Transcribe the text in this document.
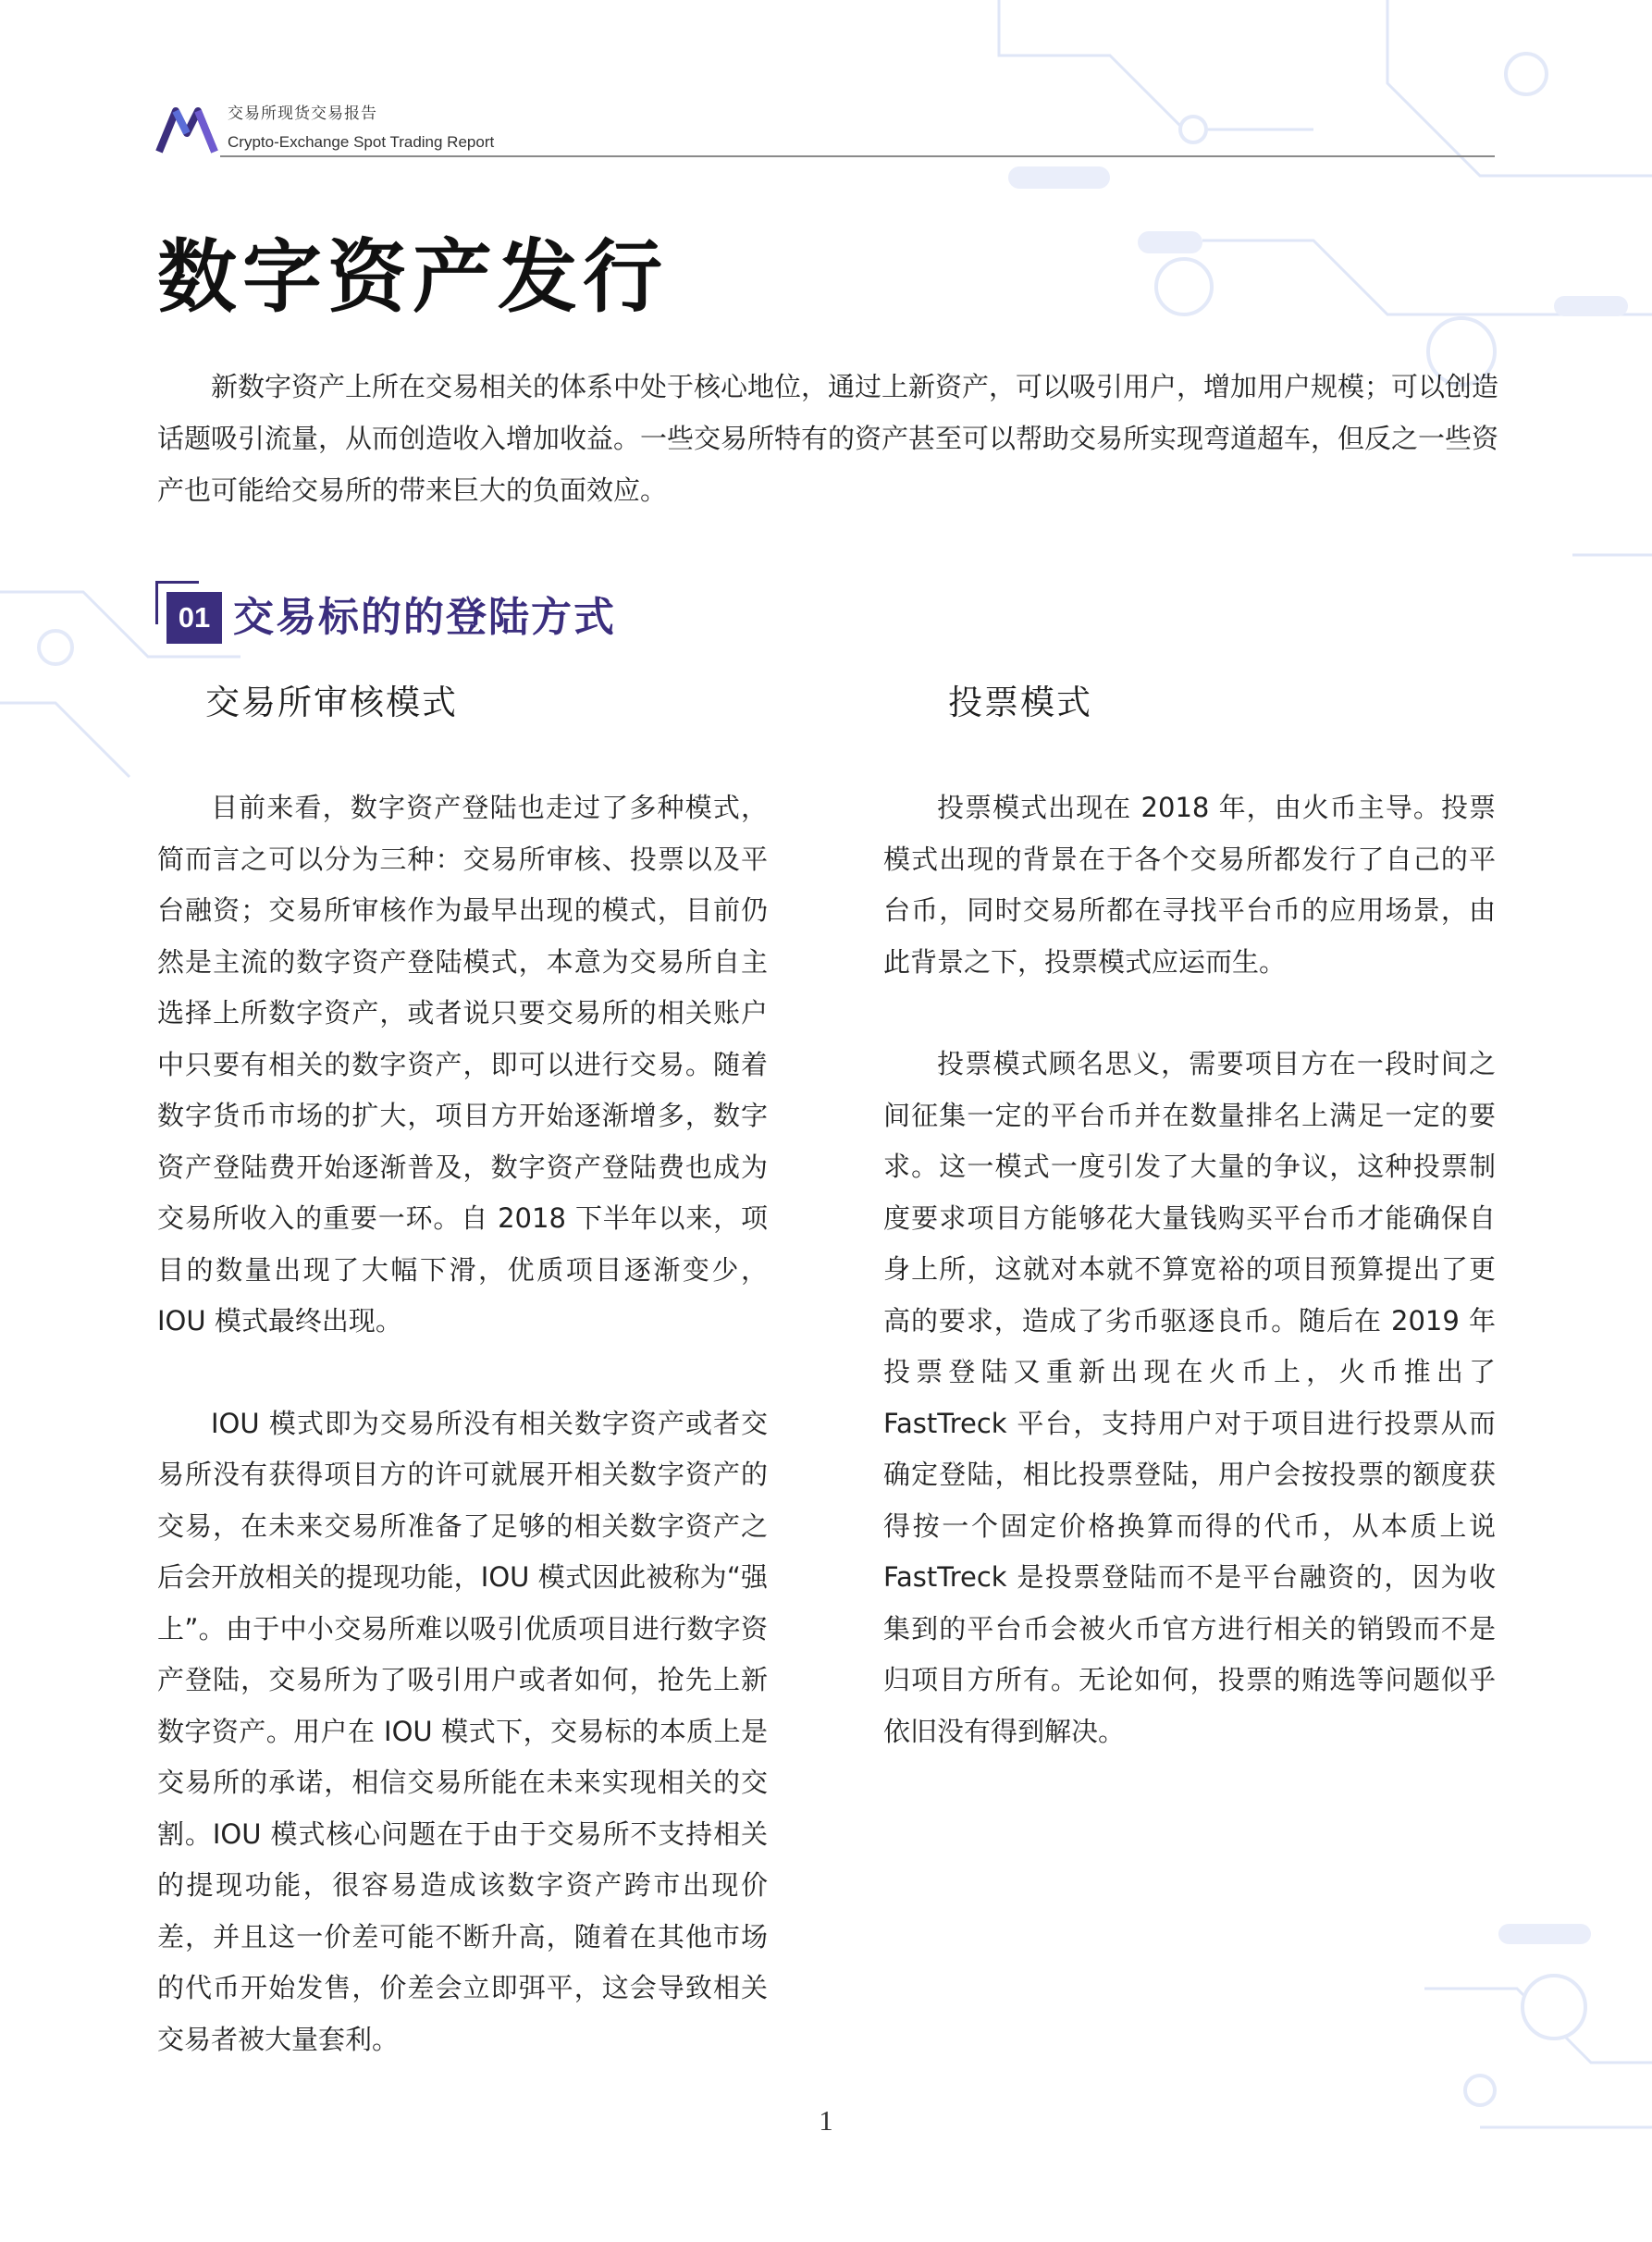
交易所现货交易报告
Crypto-Exchange Spot Trading Report
数字资产发行

新数字资产上所在交易相关的体系中处于核心地位，通过上新资产，可以吸引用户，增加用户规模；可以创造话题吸引流量，从而创造收入增加收益。一些交易所特有的资产甚至可以帮助交易所实现弯道超车，但反之一些资产也可能给交易所的带来巨大的负面效应。

01 交易标的的登陆方式
交易所审核模式

目前来看，数字资产登陆也走过了多种模式，简而言之可以分为三种：交易所审核、投票以及平台融资；交易所审核作为最早出现的模式，目前仍然是主流的数字资产登陆模式，本意为交易所自主选择上所数字资产，或者说只要交易所的相关账户中只要有相关的数字资产，即可以进行交易。随着数字货币市场的扩大，项目方开始逐渐增多，数字资产登陆费开始逐渐普及，数字资产登陆费也成为交易所收入的重要一环。自 2018 下半年以来，项目的数量出现了大幅下滑，优质项目逐渐变少，IOU 模式最终出现。

IOU 模式即为交易所没有相关数字资产或者交易所没有获得项目方的许可就展开相关数字资产的交易，在未来交易所准备了足够的相关数字资产之后会开放相关的提现功能，IOU 模式因此被称为“强上”。由于中小交易所难以吸引优质项目进行数字资产登陆，交易所为了吸引用户或者如何，抢先上新数字资产。用户在 IOU 模式下，交易标的本质上是交易所的承诺，相信交易所能在未来实现相关的交割。IOU 模式核心问题在于由于交易所不支持相关的提现功能，很容易造成该数字资产跨市出现价差，并且这一价差可能不断升高，随着在其他市场的代币开始发售，价差会立即弭平，这会导致相关交易者被大量套利。

投票模式

投票模式出现在 2018 年，由火币主导。投票模式出现的背景在于各个交易所都发行了自己的平台币，同时交易所都在寻找平台币的应用场景，由此背景之下，投票模式应运而生。

投票模式顾名思义，需要项目方在一段时间之间征集一定的平台币并在数量排名上满足一定的要求。这一模式一度引发了大量的争议，这种投票制度要求项目方能够花大量钱购买平台币才能确保自身上所，这就对本就不算宽裕的项目预算提出了更高的要求，造成了劣币驱逐良币。随后在 2019 年投票登陆又重新出现在火币上，火币推出了 FastTreck 平台，支持用户对于项目进行投票从而确定登陆，相比投票登陆，用户会按投票的额度获得按一个固定价格换算而得的代币，从本质上说 FastTreck 是投票登陆而不是平台融资的，因为收集到的平台币会被火币官方进行相关的销毁而不是归项目方所有。无论如何，投票的贿选等问题似乎依旧没有得到解决。

1
